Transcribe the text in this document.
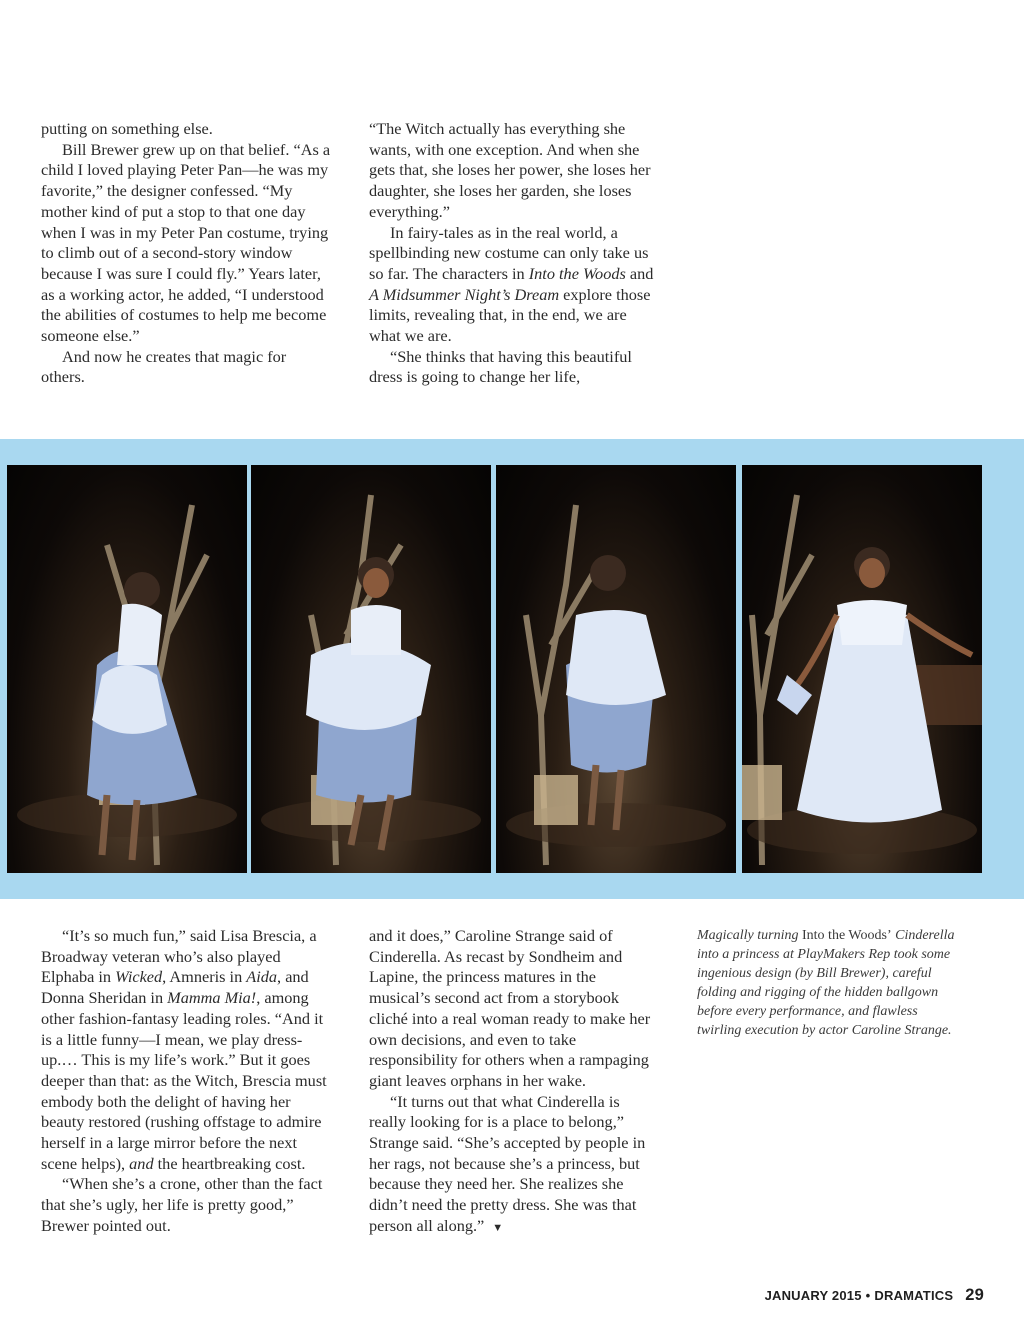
putting on something else.

Bill Brewer grew up on that belief. “As a child I loved playing Peter Pan—he was my favorite,” the designer confessed. “My mother kind of put a stop to that one day when I was in my Peter Pan costume, trying to climb out of a second-story window because I was sure I could fly.” Years later, as a working actor, he added, “I understood the abilities of costumes to help me become someone else.”

And now he creates that magic for others.

“The Witch actually has everything she wants, with one exception. And when she gets that, she loses her power, she loses her daughter, she loses her garden, she loses everything.”

In fairy-tales as in the real world, a spellbinding new costume can only take us so far. The characters in Into the Woods and A Midsummer Night’s Dream explore those limits, revealing that, in the end, we are what we are.

“She thinks that having this beautiful dress is going to change her life,

“It’s so much fun,” said Lisa Brescia, a Broadway veteran who’s also played Elphaba in Wicked, Amneris in Aida, and Donna Sheridan in Mamma Mia!, among other fashion-fantasy leading roles. “And it is a little funny—I mean, we play dress-up.… This is my life’s work.” But it goes deeper than that: as the Witch, Brescia must embody both the delight of having her beauty restored (rushing offstage to admire herself in a large mirror before the next scene helps), and the heartbreaking cost.

“When she’s a crone, other than the fact that she’s ugly, her life is pretty good,” Brewer pointed out.

and it does,” Caroline Strange said of Cinderella. As recast by Sondheim and Lapine, the princess matures in the musical’s second act from a storybook cliché into a real woman ready to make her own decisions, and even to take responsibility for others when a rampaging giant leaves orphans in her wake.

“It turns out that what Cinderella is really looking for is a place to belong,” Strange said. “She’s accepted by people in her rags, not because she’s a princess, but because they need her. She realizes she didn’t need the pretty dress. She was that person all along.” ▼

Magically turning Into the Woods’ Cinderella into a princess at PlayMakers Rep took some ingenious design (by Bill Brewer), careful folding and rigging of the hidden ballgown before every performance, and flawless twirling execution by actor Caroline Strange.
JANUARY 2015 • DRAMATICS 29
